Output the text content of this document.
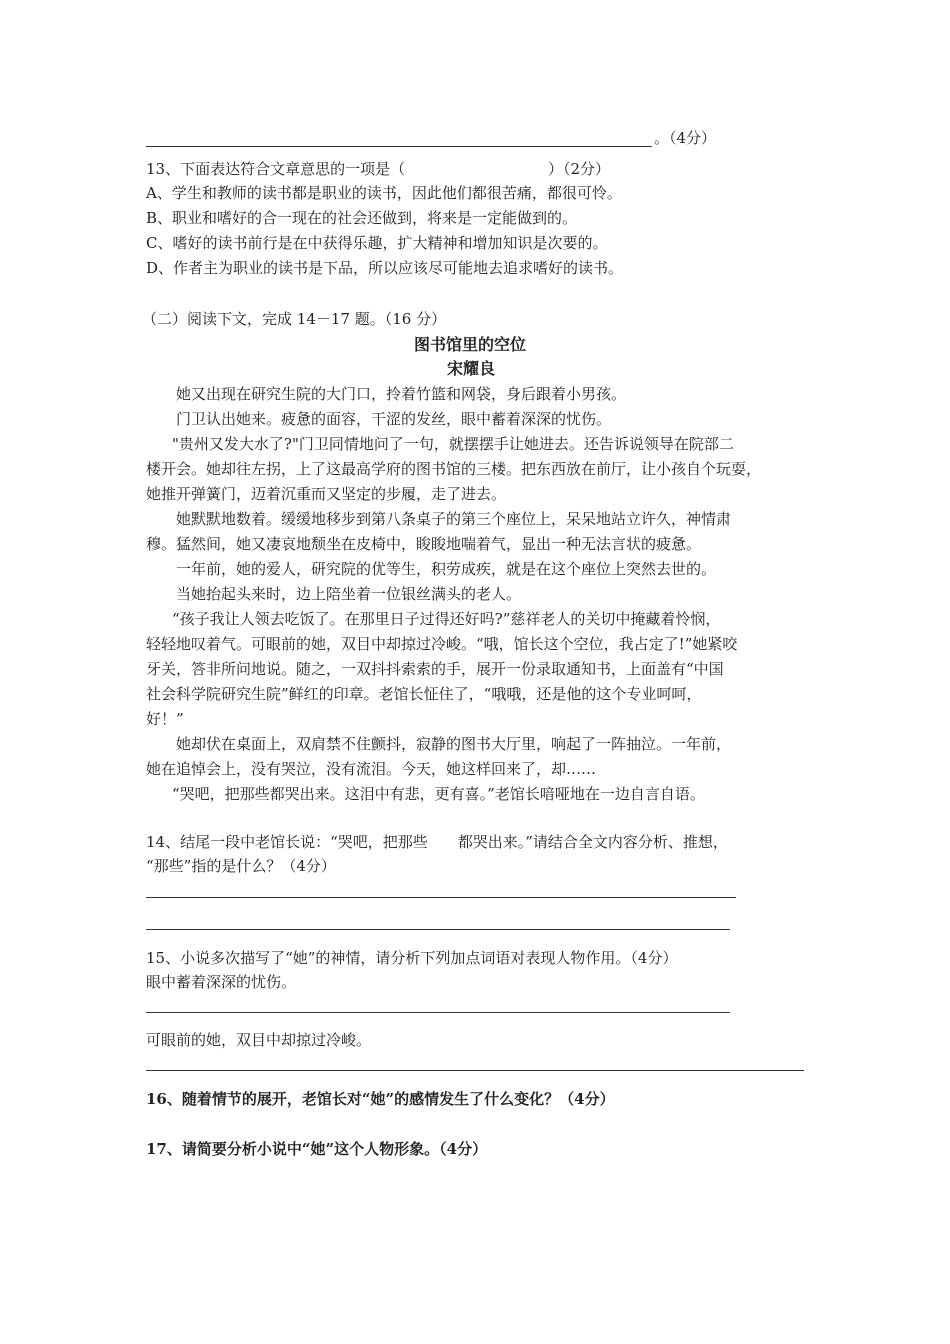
。（4分）
13、下面表达符合文章意思的一项是（	）（2分）
A、学生和教师的读书都是职业的读书，因此他们都很苦痛，都很可怜。
B、职业和嗜好的合一现在的社会还做到，将来是一定能做到的。
C、嗜好的读书前行是在中获得乐趣，扩大精神和增加知识是次要的。
D、作者主为职业的读书是下品，所以应该尽可能地去追求嗜好的读书。
（二）阅读下文，完成 14－17 题。（16 分）
图书馆里的空位
宋耀良
她又出现在研究生院的大门口，拎着竹篮和网袋，身后跟着小男孩。
门卫认出她来。疲惫的面容，干涩的发丝，眼中蓄着深深的忧伤。
"贵州又发大水了?"门卫同情地问了一句，就摆摆手让她进去。还告诉说领导在院部二
楼开会。她却往左拐，上了这最高学府的图书馆的三楼。把东西放在前厅，让小孩自个玩耍，
她推开弹簧门，迈着沉重而又坚定的步履，走了进去。
她默默地数着。缓缓地移步到第八条桌子的第三个座位上，呆呆地站立许久，神情肃
穆。猛然间，她又凄哀地颓坐在皮椅中，睃睃地喘着气，显出一种无法言状的疲惫。
一年前，她的爱人，研究院的优等生，积劳成疾，就是在这个座位上突然去世的。
当她抬起头来时，边上陪坐着一位银丝满头的老人。
“孩子我让人领去吃饭了。在那里日子过得还好吗?”慈祥老人的关切中掩藏着怜悯，
轻轻地叹着气。可眼前的她，双目中却掠过冷峻。“哦，馆长这个空位，我占定了!”她紧咬
牙关，答非所问地说。随之，一双抖抖索索的手，展开一份录取通知书，上面盖有“中国
社会科学院研究生院”鲜红的印章。老馆长怔住了，“哦哦，还是他的这个专业呵呵，
好！”
她却伏在桌面上，双肩禁不住颤抖，寂静的图书大厅里，响起了一阵抽泣。一年前，
她在追悼会上，没有哭泣，没有流泪。今天，她这样回来了，却……
“哭吧，把那些都哭出来。这泪中有悲，更有喜。”老馆长喑哑地在一边自言自语。
14、结尾一段中老馆长说：“哭吧，把那些　　都哭出来。”请结合全文内容分析、推想，
“那些”指的是什么？（4分）
15、小说多次描写了“她”的神情，请分析下列加点词语对表现人物作用。（4分）
眼中蓄着深深的忧伤。
可眼前的她，双目中却掠过冷峻。
16、随着情节的展开，老馆长对“她”的感情发生了什么变化？（4分）
17、请简要分析小说中“她”这个人物形象。（4分）
